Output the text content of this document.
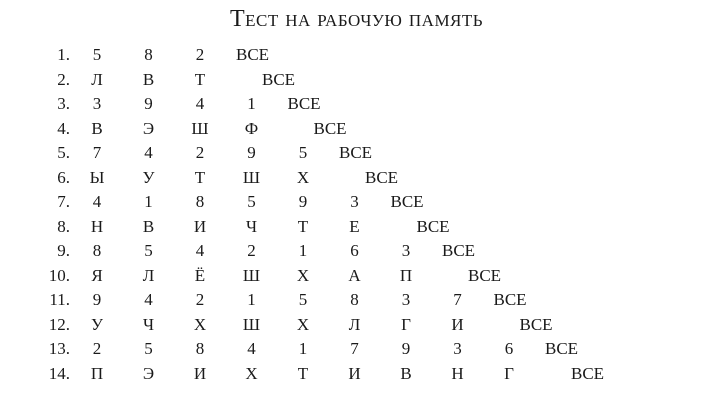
Тест на рабочую память
1.	5	8	2	ВСЕ
2.	Л	В	Т	ВСЕ
3.	3	9	4	1	ВСЕ
4.	В	Э	Ш	Ф	ВСЕ
5.	7	4	2	9	5	ВСЕ
6.	Ы	У	Т	Ш	Х	ВСЕ
7.	4	1	8	5	9	3	ВСЕ
8.	Н	В	И	Ч	Т	Е	ВСЕ
9.	8	5	4	2	1	6	3	ВСЕ
10.	Я	Л	Ё	Ш	Х	А	П	ВСЕ
11.	9	4	2	1	5	8	3	7	ВСЕ
12.	У	Ч	Х	Ш	Х	Л	Г	И	ВСЕ
13.	2	5	8	4	1	7	9	3	6	ВСЕ
14.	П	Э	И	Х	Т	И	В	Н	Г	ВСЕ
